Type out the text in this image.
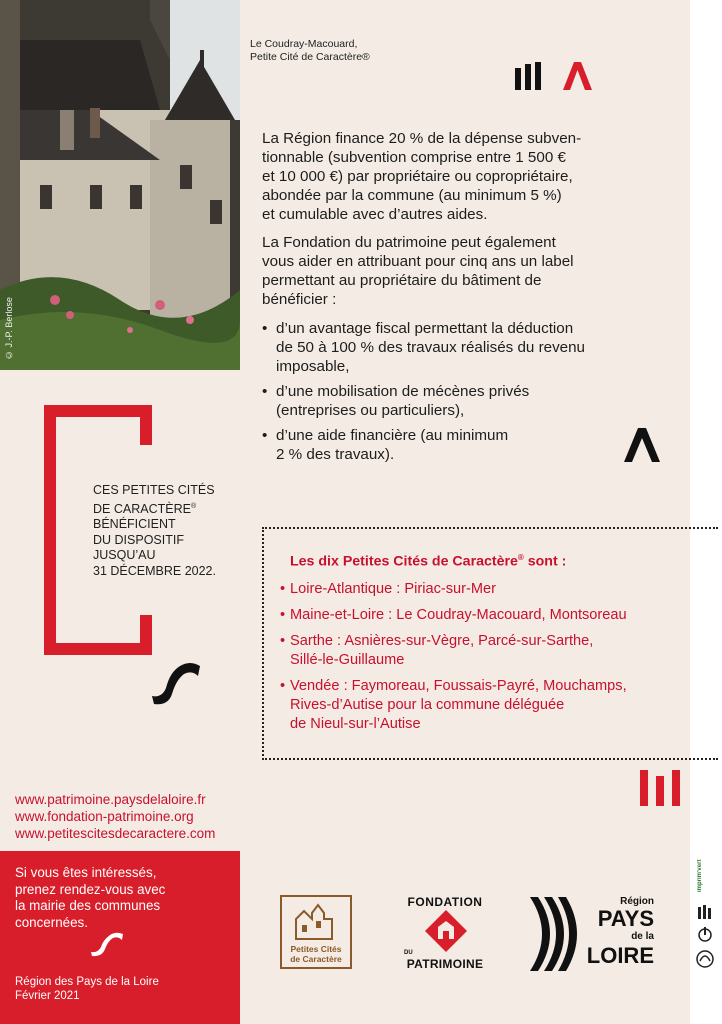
© J.-P. Berlose
Le Coudray-Macouard,
Petite Cité de Caractère®
La Région finance 20 % de la dépense subven-
tionnable (subvention comprise entre 1 500 €
et 10 000 €) par propriétaire ou copropriétaire,
abondée par la commune (au minimum 5 %)
et cumulable avec d’autres aides.
La Fondation du patrimoine peut également
vous aider en attribuant pour cinq ans un label
permettant au propriétaire du bâtiment de
bénéficier :
• d’un avantage fiscal permettant la déduction
de 50 à 100 % des travaux réalisés du revenu
imposable,
• d’une mobilisation de mécènes privés
(entreprises ou particuliers),
• d’une aide financière (au minimum
2 % des travaux).
CES PETITES CITÉS
DE CARACTÈRE®
BÉNÉFICIENT
DU DISPOSITIF
JUSQU’AU
31 DÉCEMBRE 2022.
Les dix Petites Cités de Caractère® sont :
• Loire-Atlantique : Piriac-sur-Mer
• Maine-et-Loire : Le Coudray-Macouard, Montsoreau
• Sarthe : Asnières-sur-Vègre, Parcé-sur-Sarthe,
Sillé-le-Guillaume
• Vendée : Faymoreau, Foussais-Payré, Mouchamps,
Rives-d’Autise pour la commune déléguée
de Nieul-sur-l’Autise
www.patrimoine.paysdelaloire.fr
www.fondation-patrimoine.org
www.petitescitesdecaractere.com
Si vous êtes intéressés,
prenez rendez-vous avec
la mairie des communes
concernées.
Région des Pays de la Loire
Février 2021
Petites Cités
de Caractère
FONDATION
DU
PATRIMOINE
Région
PAYS
de la
LOIRE
imprim'vert
